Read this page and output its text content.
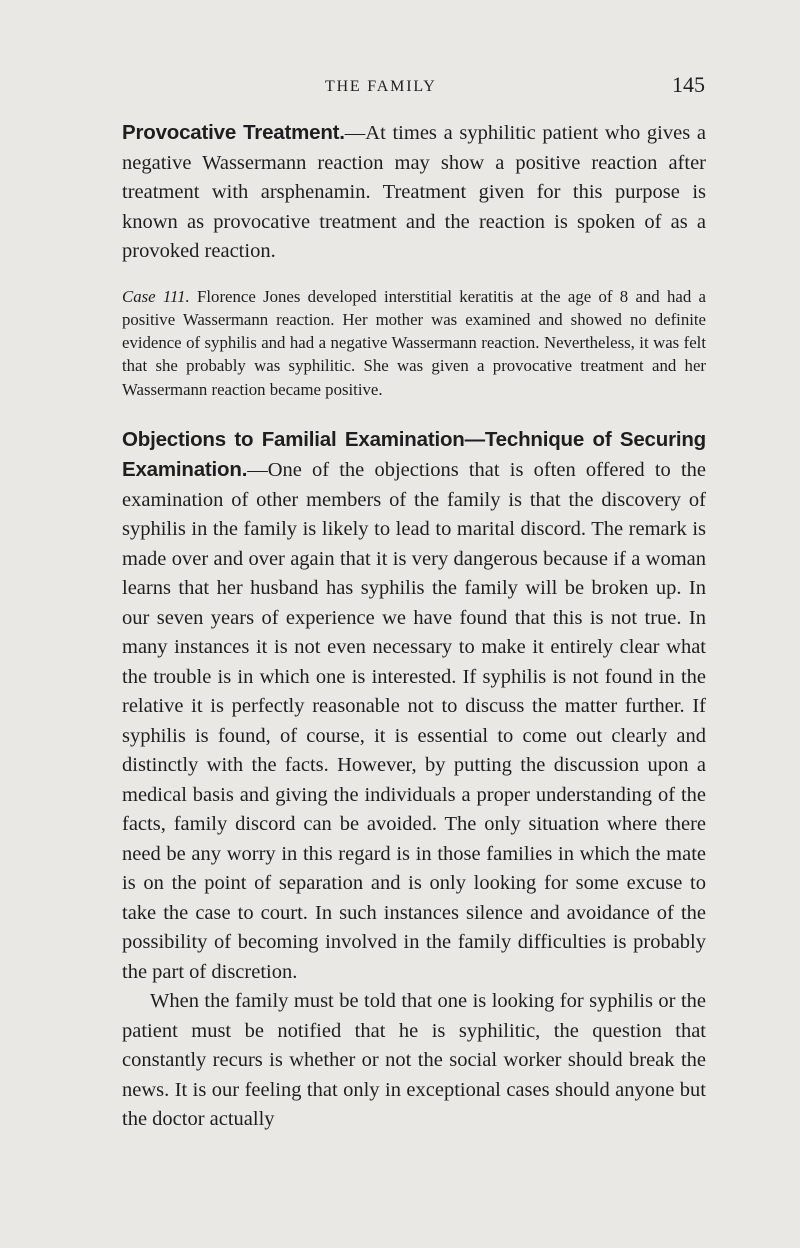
THE FAMILY	145

Provocative Treatment.—At times a syphilitic patient who gives a negative Wassermann reaction may show a positive reaction after treatment with arsphenamin. Treatment given for this purpose is known as provocative treatment and the reaction is spoken of as a provoked reaction.

Case 111. Florence Jones developed interstitial keratitis at the age of 8 and had a positive Wassermann reaction. Her mother was examined and showed no definite evidence of syphilis and had a negative Wassermann reaction. Nevertheless, it was felt that she probably was syphilitic. She was given a provocative treatment and her Wassermann reaction became positive.

Objections to Familial Examination—Technique of Securing Examination.—One of the objections that is often offered to the examination of other members of the family is that the discovery of syphilis in the family is likely to lead to marital discord. The remark is made over and over again that it is very dangerous because if a woman learns that her husband has syphilis the family will be broken up. In our seven years of experience we have found that this is not true. In many instances it is not even necessary to make it entirely clear what the trouble is in which one is interested. If syphilis is not found in the relative it is perfectly reasonable not to discuss the matter further. If syphilis is found, of course, it is essential to come out clearly and distinctly with the facts. However, by putting the discussion upon a medical basis and giving the individuals a proper understanding of the facts, family discord can be avoided. The only situation where there need be any worry in this regard is in those families in which the mate is on the point of separation and is only looking for some excuse to take the case to court. In such instances silence and avoidance of the possibility of becoming involved in the family difficulties is probably the part of discretion.

When the family must be told that one is looking for syphilis or the patient must be notified that he is syphilitic, the question that constantly recurs is whether or not the social worker should break the news. It is our feeling that only in exceptional cases should anyone but the doctor actually
